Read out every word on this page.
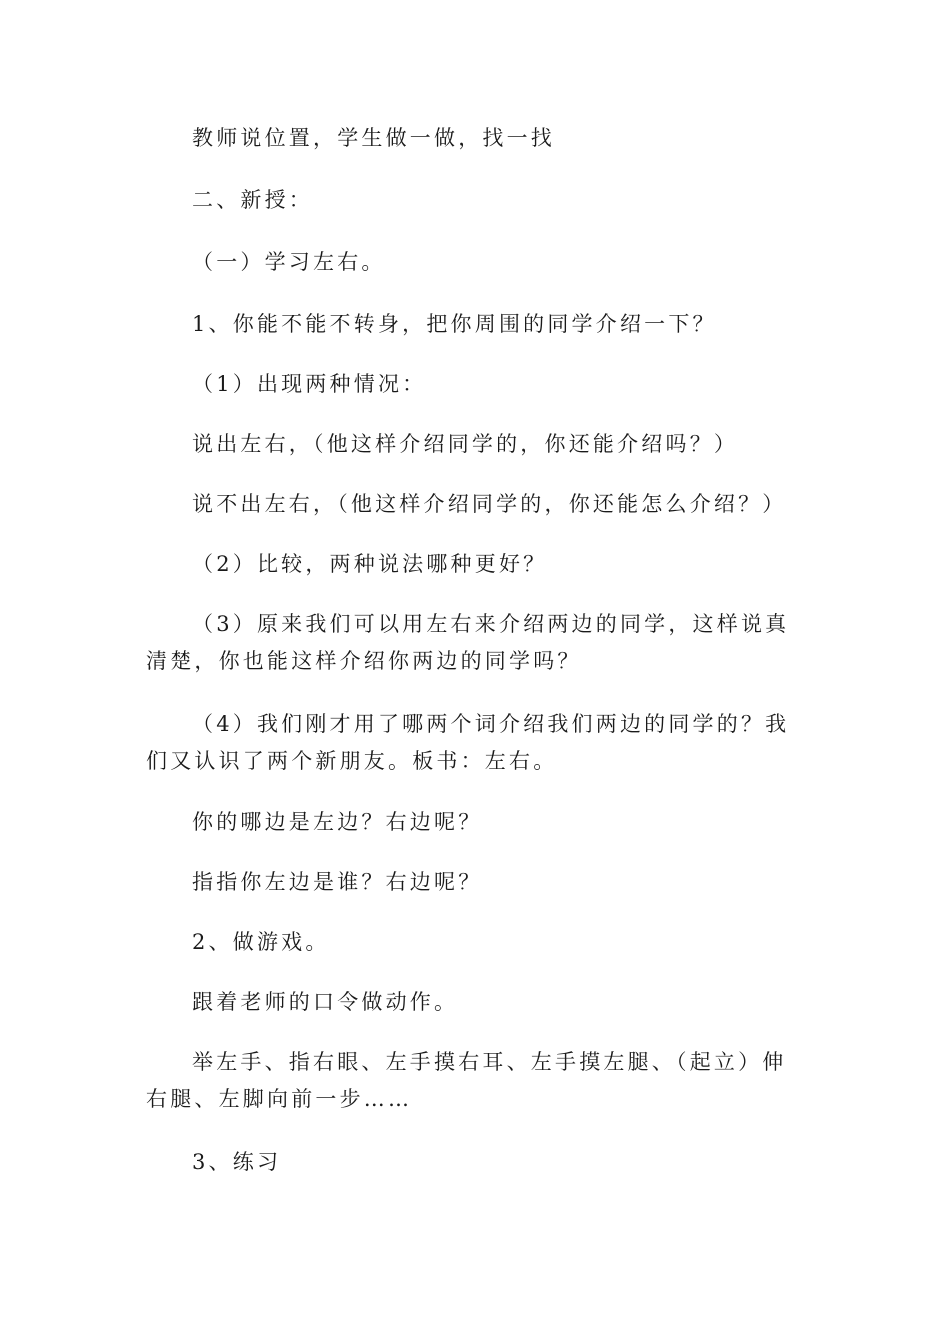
教师说位置，学生做一做，找一找

二、新授：

（一）学习左右。

1、你能不能不转身，把你周围的同学介绍一下？

（1）出现两种情况：

说出左右，（他这样介绍同学的，你还能介绍吗？）

说不出左右，（他这样介绍同学的，你还能怎么介绍？）

（2）比较，两种说法哪种更好？

（3）原来我们可以用左右来介绍两边的同学，这样说真清楚，你也能这样介绍你两边的同学吗？

（4）我们刚才用了哪两个词介绍我们两边的同学的？我们又认识了两个新朋友。板书：左右。

你的哪边是左边？右边呢？

指指你左边是谁？右边呢？

2、做游戏。

跟着老师的口令做动作。

举左手、指右眼、左手摸右耳、左手摸左腿、（起立）伸右腿、左脚向前一步……

3、练习
